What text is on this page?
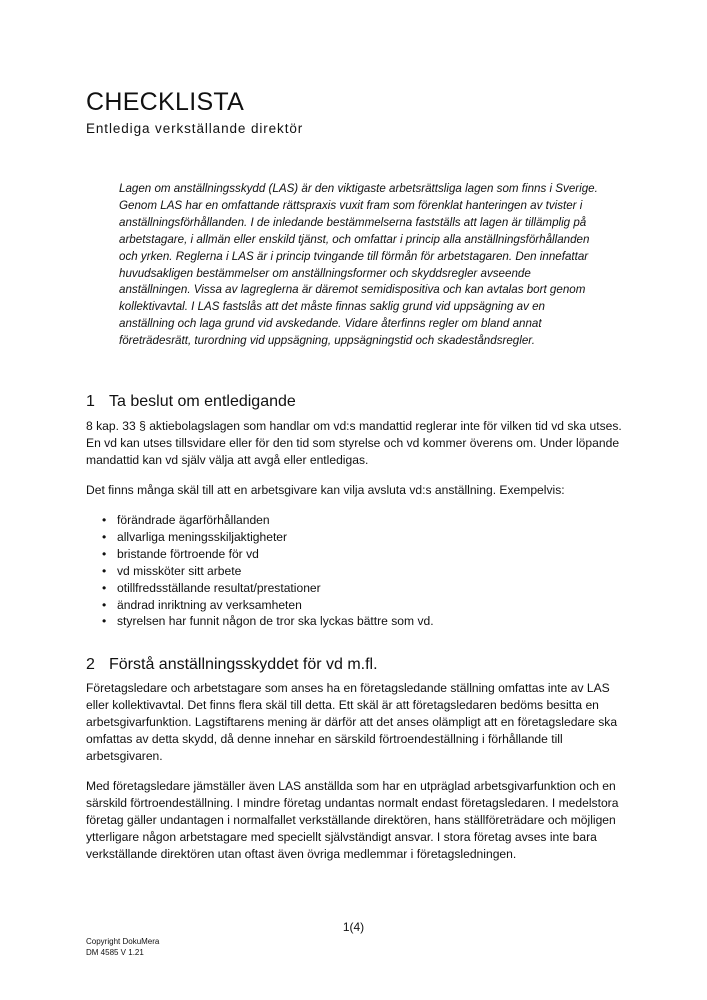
CHECKLISTA
Entlediga verkställande direktör
Lagen om anställningsskydd (LAS) är den viktigaste arbetsrättsliga lagen som finns i Sverige. Genom LAS har en omfattande rättspraxis vuxit fram som förenklat hanteringen av tvister i anställningsförhållanden. I de inledande bestämmelserna fastställs att lagen är tillämplig på arbetstagare, i allmän eller enskild tjänst, och omfattar i princip alla anställningsförhållanden och yrken. Reglerna i LAS är i princip tvingande till förmån för arbetstagaren. Den innefattar huvudsakligen bestämmelser om anställningsformer och skyddsregler avseende anställningen. Vissa av lagreglerna är däremot semidispositiva och kan avtalas bort genom kollektivavtal. I LAS fastslås att det måste finnas saklig grund vid uppsägning av en anställning och laga grund vid avskedande. Vidare återfinns regler om bland annat företrädesrätt, turordning vid uppsägning, uppsägningstid och skadeståndsregler.
1 Ta beslut om entledigande

8 kap. 33 § aktiebolagslagen som handlar om vd:s mandattid reglerar inte för vilken tid vd ska utses. En vd kan utses tillsvidare eller för den tid som styrelse och vd kommer överens om. Under löpande mandattid kan vd själv välja att avgå eller entledigas.

Det finns många skäl till att en arbetsgivare kan vilja avsluta vd:s anställning. Exempelvis:

• förändrade ägarförhållanden
• allvarliga meningsskiljaktigheter
• bristande förtroende för vd
• vd missköter sitt arbete
• otillfredsställande resultat/prestationer
• ändrad inriktning av verksamheten
• styrelsen har funnit någon de tror ska lyckas bättre som vd.
2 Förstå anställningsskyddet för vd m.fl.

Företagsledare och arbetstagare som anses ha en företagsledande ställning omfattas inte av LAS eller kollektivavtal. Det finns flera skäl till detta. Ett skäl är att företagsledaren bedöms besitta en arbetsgivarfunktion. Lagstiftarens mening är därför att det anses olämpligt att en företagsledare ska omfattas av detta skydd, då denne innehar en särskild förtroendeställning i förhållande till arbetsgivaren.

Med företagsledare jämställer även LAS anställda som har en utpräglad arbetsgivarfunktion och en särskild förtroendeställning. I mindre företag undantas normalt endast företagsledaren. I medelstora företag gäller undantagen i normalfallet verkställande direktören, hans ställföreträdare och möjligen ytterligare någon arbetstagare med speciellt självständigt ansvar. I stora företag avses inte bara verkställande direktören utan oftast även övriga medlemmar i företagsledningen.

1(4)
Copyright DokuMera
DM 4585 V 1.21
